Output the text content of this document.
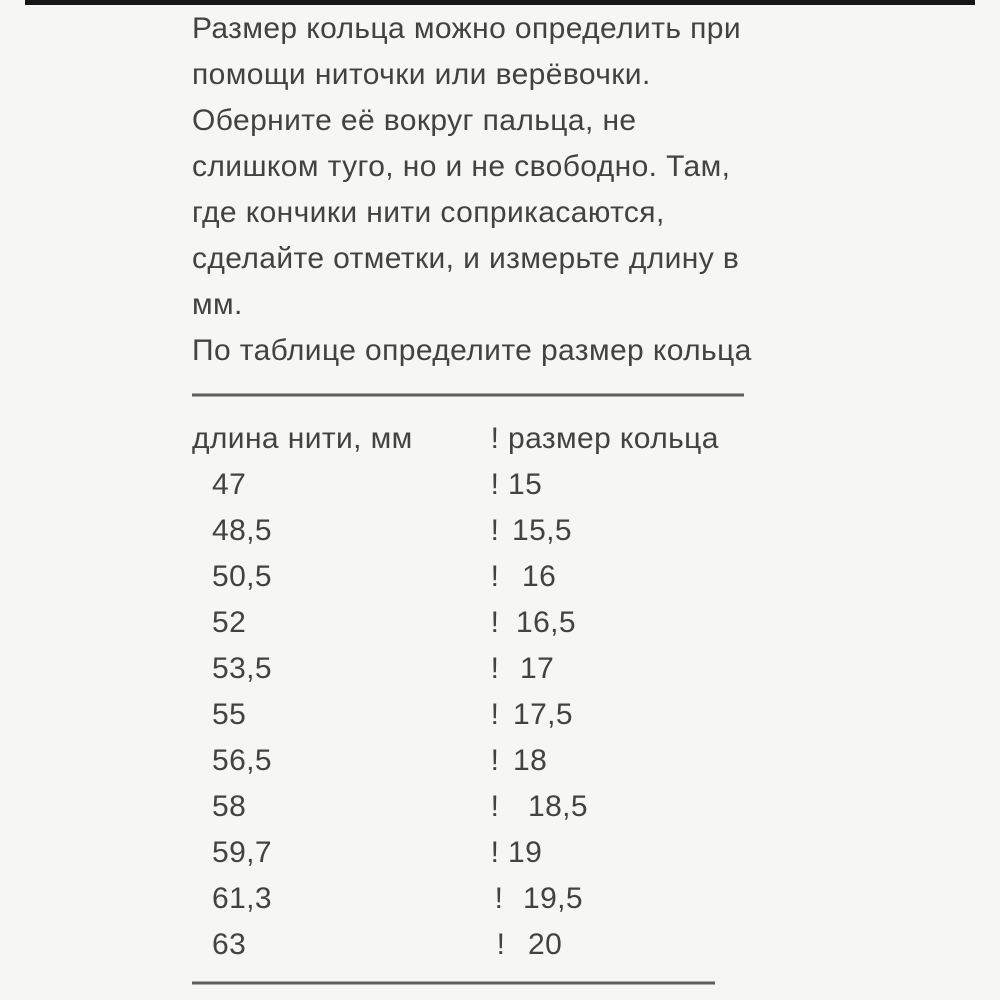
Размер кольца можно определить при
помощи ниточки или верёвочки.
Оберните её вокруг пальца, не
слишком туго, но и не свободно. Там,
где кончики нити соприкасаются,
сделайте отметки, и измерьте длину в
мм.
По таблице определите размер кольца
———————————————————
длина нити, мм	! размер кольца
47	! 15
48,5	! 15,5
50,5	! 16
52	! 16,5
53,5	! 17
55	! 17,5
56,5	! 18
58	! 18,5
59,7	! 19
61,3	! 19,5
63	! 20
——————————————————
